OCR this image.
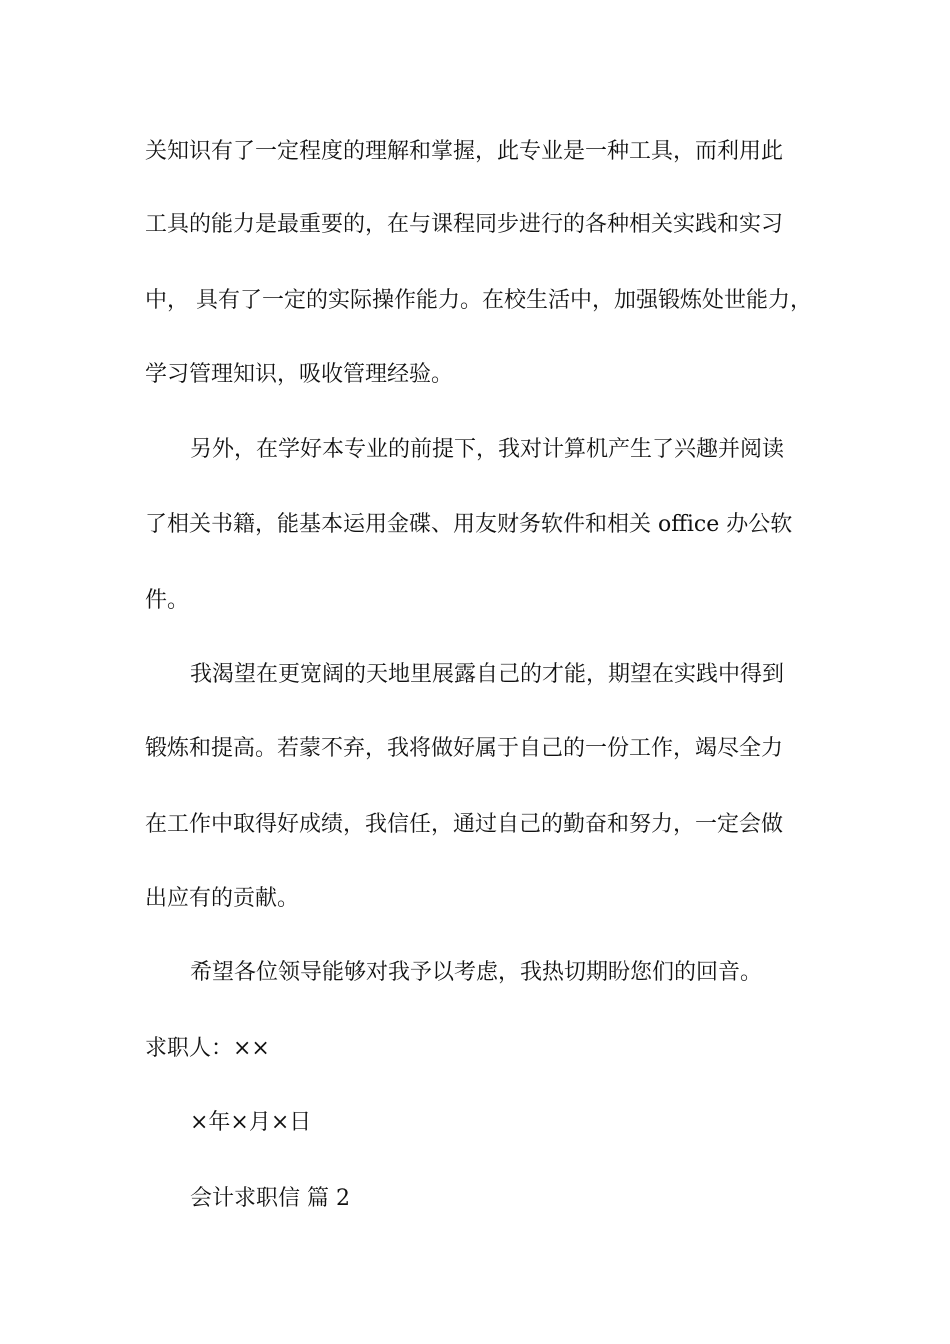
关知识有了一定程度的理解和掌握，此专业是一种工具，而利用此
工具的能力是最重要的，在与课程同步进行的各种相关实践和实习
中， 具有了一定的实际操作能力。在校生活中，加强锻炼处世能力，
学习管理知识，吸收管理经验。
另外，在学好本专业的前提下，我对计算机产生了兴趣并阅读
了相关书籍，能基本运用金碟、用友财务软件和相关 office 办公软
件。
我渴望在更宽阔的天地里展露自己的才能，期望在实践中得到
锻炼和提高。若蒙不弃，我将做好属于自己的一份工作，竭尽全力
在工作中取得好成绩，我信任，通过自己的勤奋和努力，一定会做
出应有的贡献。
希望各位领导能够对我予以考虑，我热切期盼您们的回音。
求职人：××
×年×月×日
会计求职信 篇 2
